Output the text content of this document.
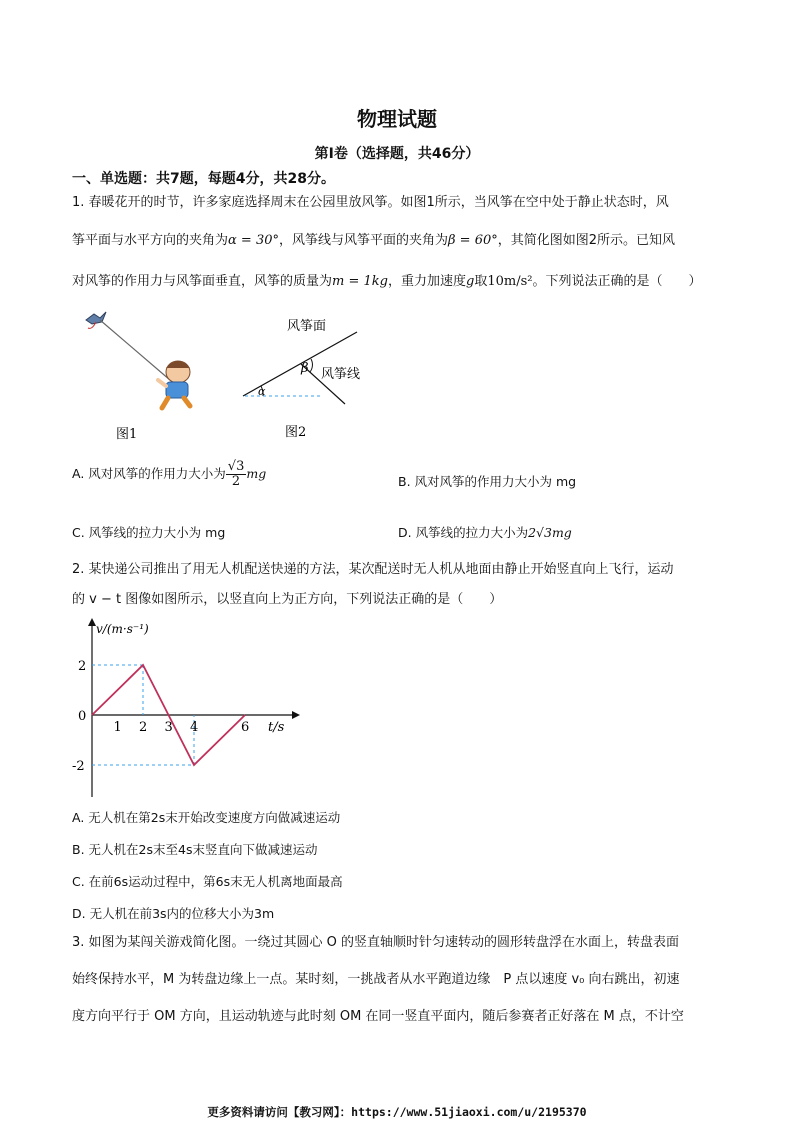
物理试题
第Ⅰ卷（选择题，共46分）
一、单选题：共7题，每题4分，共28分。
1. 春暖花开的时节，许多家庭选择周末在公园里放风筝。如图1所示，当风筝在空中处于静止状态时，风
筝平面与水平方向的夹角为α = 30°，风筝线与风筝平面的夹角为β = 60°，其简化图如图2所示。已知风
对风筝的作用力与风筝面垂直，风筝的质量为m = 1kg，重力加速度g取10m/s²。下列说法正确的是（　　）
图1
风筝面
风筝线
β
α
图2
A. 风对风筝的作用力大小为 $\frac{√3}{2}$ mg
B. 风对风筝的作用力大小为 mg
C. 风筝线的拉力大小为 mg	D. 风筝线的拉力大小为2√3mg
2. 某快递公司推出了用无人机配送快递的方法，某次配送时无人机从地面由静止开始竖直向上飞行，运动
的 v − t 图像如图所示，以竖直向上为正方向，下列说法正确的是（　　）
v/(m·s⁻¹)
t/s
1 2 3 4	6
2
0
-2
A. 无人机在第2s末开始改变速度方向做减速运动
B. 无人机在2s末至4s末竖直向下做减速运动
C. 在前6s运动过程中，第6s末无人机离地面最高
D. 无人机在前3s内的位移大小为3m
3. 如图为某闯关游戏简化图。一绕过其圆心 O 的竖直轴顺时针匀速转动的圆形转盘浮在水面上，转盘表面
始终保持水平，M 为转盘边缘上一点。某时刻，一挑战者从水平跑道边缘　P 点以速度 v₀ 向右跳出，初速
度方向平行于 OM 方向，且运动轨迹与此时刻 OM 在同一竖直平面内，随后参赛者正好落在 M 点，不计空
更多资料请访问【教习网】：https://www.51jiaoxi.com/u/2195370
